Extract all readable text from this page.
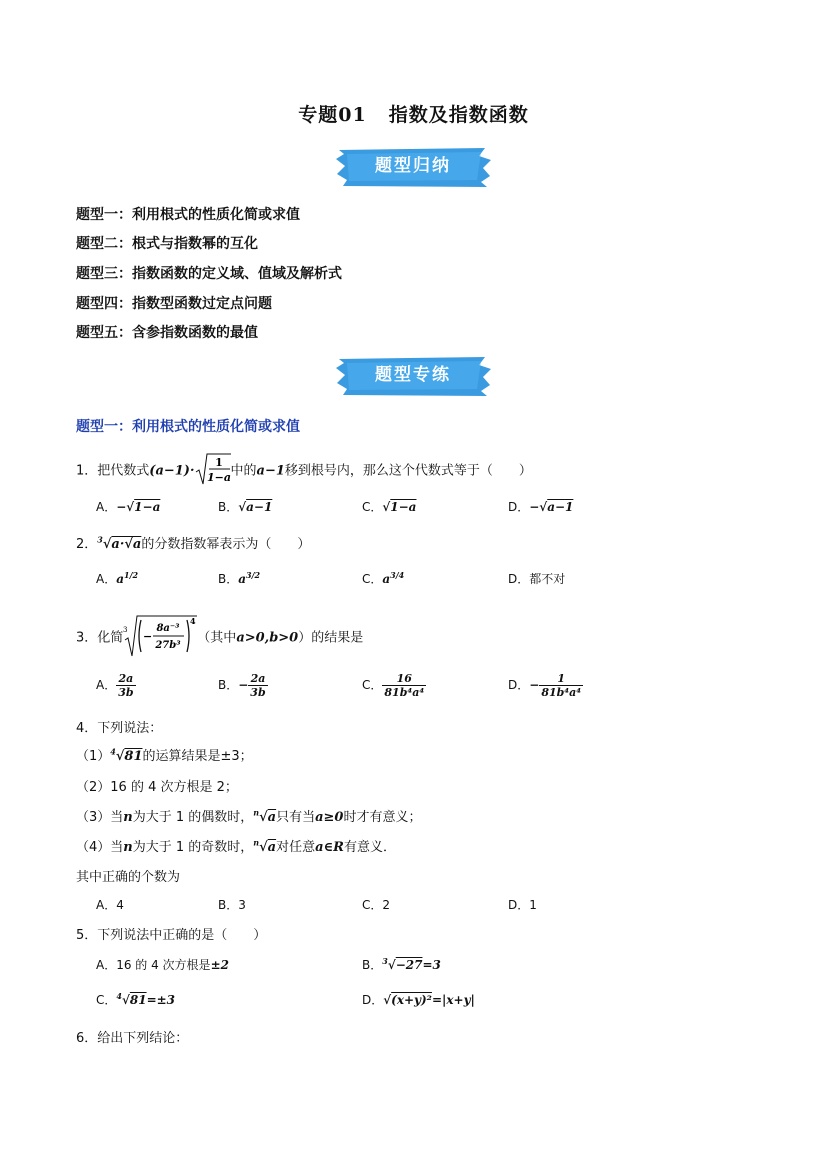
专题01 指数及指数函数
题型归纳
题型一：利用根式的性质化简或求值
题型二：根式与指数幂的互化
题型三：指数函数的定义域、值域及解析式
题型四：指数型函数过定点问题
题型五：含参指数函数的最值
题型专练
题型一：利用根式的性质化简或求值
1．把代数式(a−1)·
1
1−a 中的a−1移到根号内，那么这个代数式等于（　　）
A．−√1−a	B．√a−1	C．√1−a	D．−√a−1
2．$^3$√a·√a的分数指数幂表示为（　　）
A．$a^{1/2}$	B．$a^{3/2}$	C．$a^{3/4}$	D．都不对
3．化简
3 −
8a⁻³
27b³
4
（其中a>0,b>0）的结果是
A． $\frac{2a}{3b}$	B．− $\frac{2a}{3b}$	C． $\frac{16}{\text{81b⁴a⁴}}$	D．− $\frac{1}{\text{81b⁴a⁴}}$
4．下列说法：
$(1)^4√81$的运算结果是±3；
（2）16 的 4 次方根是 2；
（3）当n为大于 1 的偶数时，$^n$√a只有当a≥0时才有意义；
（4）当n为大于 1 的奇数时，$^n$√a对任意a∈R有意义．
其中正确的个数为
A．4	B．3	C．2	D．1
5．下列说法中正确的是（　　）
A．16 的 4 次方根是±2	B．$^3$√−27=3
C．$^4$√81=±3	D．√(x+y)²=|x+y|
6．给出下列结论：
